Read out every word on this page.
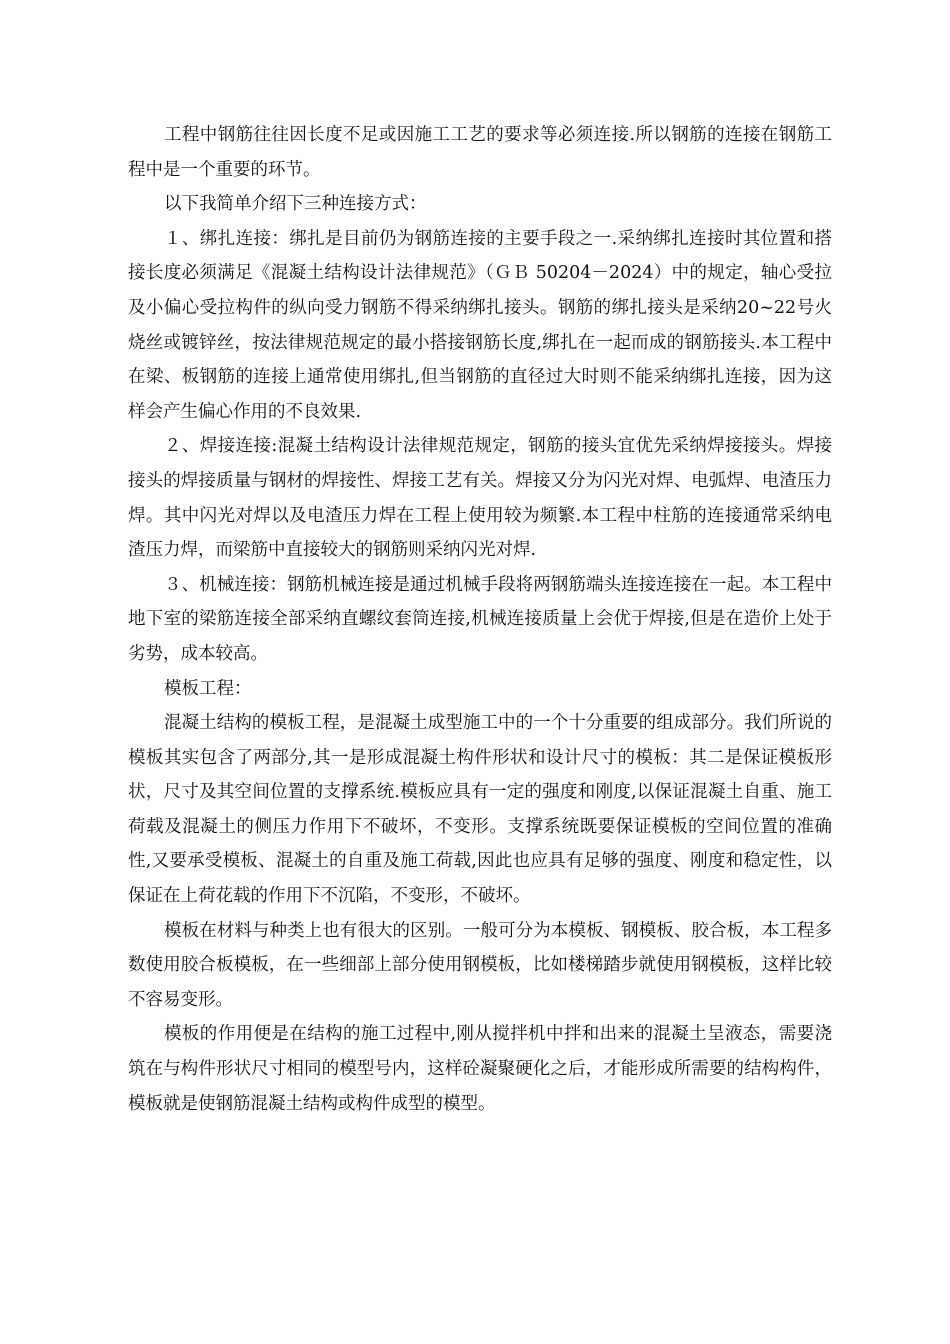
工程中钢筋往往因长度不足或因施工工艺的要求等必须连接.所以钢筋的连接在钢筋工程中是一个重要的环节。

以下我简单介绍下三种连接方式：

１、绑扎连接：绑扎是目前仍为钢筋连接的主要手段之一.采纳绑扎连接时其位置和搭接长度必须满足《混凝土结构设计法律规范》（ＧＢ 50204－2024）中的规定，轴心受拉及小偏心受拉构件的纵向受力钢筋不得采纳绑扎接头。钢筋的绑扎接头是采纳20~22号火烧丝或镀锌丝，按法律规范规定的最小搭接钢筋长度,绑扎在一起而成的钢筋接头.本工程中在梁、板钢筋的连接上通常使用绑扎,但当钢筋的直径过大时则不能采纳绑扎连接，因为这样会产生偏心作用的不良效果.

２、焊接连接:混凝土结构设计法律规范规定，钢筋的接头宜优先采纳焊接接头。焊接接头的焊接质量与钢材的焊接性、焊接工艺有关。焊接又分为闪光对焊、电弧焊、电渣压力焊。其中闪光对焊以及电渣压力焊在工程上使用较为频繁.本工程中柱筋的连接通常采纳电渣压力焊，而梁筋中直接较大的钢筋则采纳闪光对焊.

３、机械连接：钢筋机械连接是通过机械手段将两钢筋端头连接连接在一起。本工程中地下室的梁筋连接全部采纳直螺纹套筒连接,机械连接质量上会优于焊接,但是在造价上处于劣势，成本较高。

模板工程：

混凝土结构的模板工程，是混凝土成型施工中的一个十分重要的组成部分。我们所说的模板其实包含了两部分,其一是形成混凝土构件形状和设计尺寸的模板：其二是保证模板形状，尺寸及其空间位置的支撑系统.模板应具有一定的强度和刚度,以保证混凝土自重、施工荷载及混凝土的侧压力作用下不破坏，不变形。支撑系统既要保证模板的空间位置的准确性,又要承受模板、混凝土的自重及施工荷载,因此也应具有足够的强度、刚度和稳定性，以保证在上荷花载的作用下不沉陷，不变形，不破坏。

模板在材料与种类上也有很大的区别。一般可分为本模板、钢模板、胶合板，本工程多数使用胶合板模板，在一些细部上部分使用钢模板，比如楼梯踏步就使用钢模板，这样比较不容易变形。

模板的作用便是在结构的施工过程中,刚从搅拌机中拌和出来的混凝土呈液态，需要浇筑在与构件形状尺寸相同的模型号内，这样砼凝聚硬化之后，才能形成所需要的结构构件，模板就是使钢筋混凝土结构或构件成型的模型。
